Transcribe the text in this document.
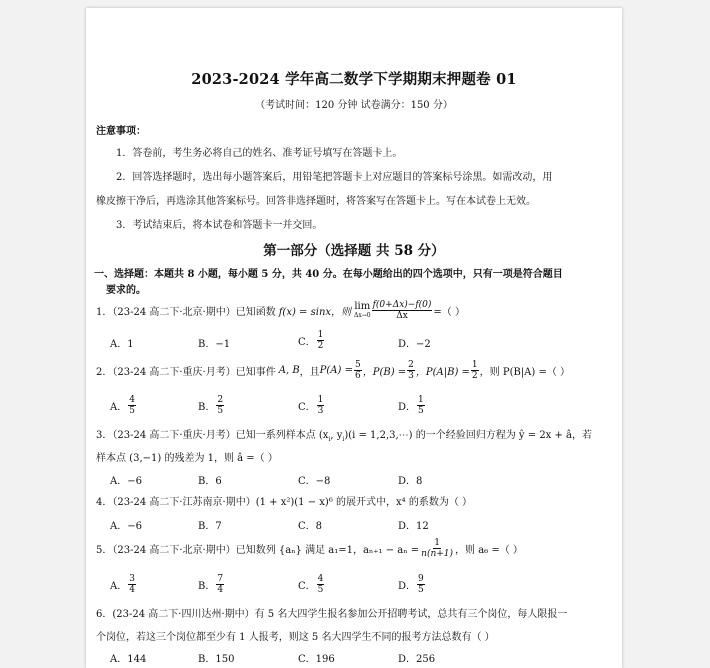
2023-2024 学年高二数学下学期期末押题卷 01
（考试时间：120 分钟 试卷满分：150 分）
注意事项：
1．答卷前，考生务必将自己的姓名、准考证号填写在答题卡上。
2．回答选择题时，选出每小题答案后，用铅笔把答题卡上对应题目的答案标号涂黑。如需改动，用
橡皮擦干净后，再选涂其他答案标号。回答非选择题时，将答案写在答题卡上。写在本试卷上无效。
3．考试结束后，将本试卷和答题卡一并交回。
第一部分（选择题 共 58 分）
一、选择题：本题共 8 小题，每小题 5 分，共 40 分。在每小题给出的四个选项中，只有一项是符合题目
要求的。
1．（23-24 高二下·北京·期中）已知函数 f(x) = sinx，则
lim
$\Delta x\to 0 \frac{f(0+\Delta x)-f(0)}{\Delta x}$ =（ ）
A．1	B．−1	C． $\frac{1}{2}$	D．−2
2．（23-24 高二下·重庆·月考）已知事件 A, B ，且 $P(A) = \frac{5}{6}$ ，$P(B) = \frac{2}{3}$ ，$P(A|B) = \frac{1}{2}$ ，则 P(B|A) =（ ）
A． $\frac{4}{5}$	B． $\frac{2}{5}$	C． $\frac{1}{3}$	D． $\frac{1}{5}$
3．（23-24 高二下·重庆·月考）已知一系列样本点 ($x_i$, $y_i)(i$ = 1,2,3,⋯) 的一个经验回归方程为 ŷ = 2x + â，若
样本点 (3,−1) 的残差为 1，则 â =（ ）
A．−6	B．6	C．−8	D．8
4．（23-24 高二下·江苏南京·期中）(1 + x²)(1 − x)⁶ 的展开式中，x⁴ 的系数为（ ）
A．−6	B．7	C．8	D．12
5．（23-24 高二下·北京·期中）已知数列 {aₙ} 满足 a₁=1，$a_{n+1} - a_n = \frac{1}{n(n+1)}$ ，则 a₆ =（ ）
A． $\frac{3}{4}$	B． $\frac{7}{4}$	C． $\frac{4}{5}$	D． $\frac{9}{5}$
6．(23-24 高二下·四川达州·期中）有 5 名大四学生报名参加公开招聘考试，总共有三个岗位，每人限报一
个岗位，若这三个岗位都至少有 1 人报考，则这 5 名大四学生不同的报考方法总数有（ ）
A．144	B．150	C．196	D．256
